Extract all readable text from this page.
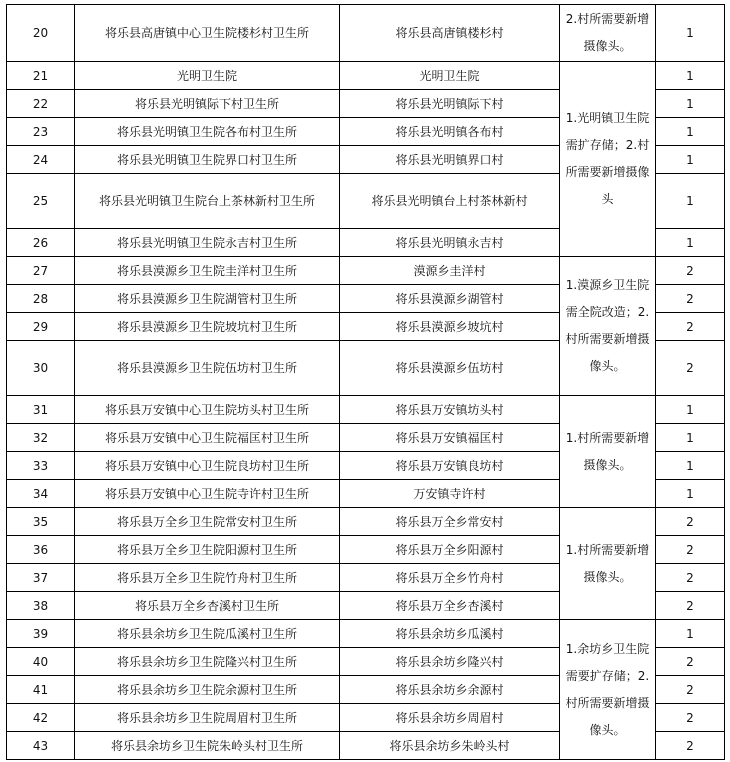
20	将乐县高唐镇中心卫生院楼杉村卫生所	将乐县高唐镇楼杉村	2.村所需要新增摄像头。	1
21	光明卫生院	光明卫生院	1.光明镇卫生院需扩存储；2.村所需要新增摄像头	1
22	将乐县光明镇际下村卫生所	将乐县光明镇际下村		1
23	将乐县光明镇卫生院各布村卫生所	将乐县光明镇各布村		1
24	将乐县光明镇卫生院界口村卫生所	将乐县光明镇界口村		1
25	将乐县光明镇卫生院台上茶林新村卫生所	将乐县光明镇台上村茶林新村		1
26	将乐县光明镇卫生院永吉村卫生所	将乐县光明镇永吉村		1
27	将乐县漠源乡卫生院圭洋村卫生所	漠源乡圭洋村	1.漠源乡卫生院需全院改造；2.村所需要新增摄像头。	2
28	将乐县漠源乡卫生院湖管村卫生所	将乐县漠源乡湖管村		2
29	将乐县漠源乡卫生院坡坑村卫生所	将乐县漠源乡坡坑村		2
30	将乐县漠源乡卫生院伍坊村卫生所	将乐县漠源乡伍坊村		2
31	将乐县万安镇中心卫生院坊头村卫生所	将乐县万安镇坊头村	1.村所需要新增摄像头。	1
32	将乐县万安镇中心卫生院福匡村卫生所	将乐县万安镇福匡村		1
33	将乐县万安镇中心卫生院良坊村卫生所	将乐县万安镇良坊村		1
34	将乐县万安镇中心卫生院寺许村卫生所	万安镇寺许村		1
35	将乐县万全乡卫生院常安村卫生所	将乐县万全乡常安村	1.村所需要新增摄像头。	2
36	将乐县万全乡卫生院阳源村卫生所	将乐县万全乡阳源村		2
37	将乐县万全乡卫生院竹舟村卫生所	将乐县万全乡竹舟村		2
38	将乐县万全乡杏溪村卫生所	将乐县万全乡杏溪村		2
39	将乐县余坊乡卫生院瓜溪村卫生所	将乐县余坊乡瓜溪村	1.余坊乡卫生院需要扩存储；2.村所需要新增摄像头。	1
40	将乐县余坊乡卫生院隆兴村卫生所	将乐县余坊乡隆兴村		2
41	将乐县余坊乡卫生院余源村卫生所	将乐县余坊乡余源村		2
42	将乐县余坊乡卫生院周眉村卫生所	将乐县余坊乡周眉村		2
43	将乐县余坊乡卫生院朱岭头村卫生所	将乐县余坊乡朱岭头村		2
